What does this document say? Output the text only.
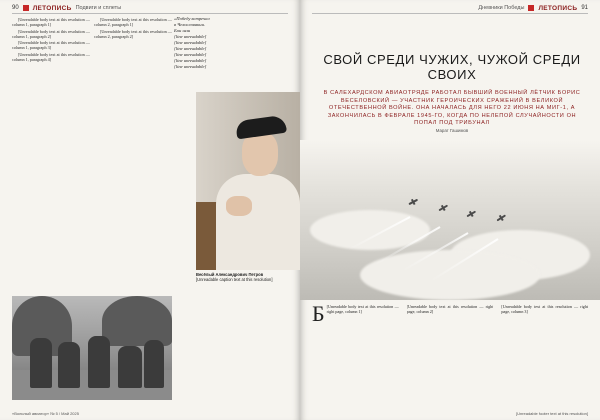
90 ЛЕТОПИСЬ Подвиги и сплеты

[Unreadable body text at this resolution — column 1, paragraph 1]

[Unreadable body text at this resolution — column 1, paragraph 2]

[Unreadable body text at this resolution — column 1, paragraph 3]

[Unreadable body text at this resolution — column 1, paragraph 4]

[Unreadable body text at this resolution — column 2, paragraph 1]

[Unreadable body text at this resolution — column 2, paragraph 2]

«Победу встречал
в Чехословакии.
Бои шли
[line unreadable]
[line unreadable]
[line unreadable]
[line unreadable]
[line unreadable]
[line unreadable]
Весёлый Александрович Петров
[Unreadable caption text at this resolution]
«Вольный авиатор» № 5 / Май 2025
Дневники Победы ЛЕТОПИСЬ 91
СВОЙ СРЕДИ ЧУЖИХ, ЧУЖОЙ СРЕДИ СВОИХ
В САЛЕХАРДСКОМ АВИАОТРЯДЕ РАБОТАЛ БЫВШИЙ ВОЕННЫЙ ЛЁТЧИК БОРИС ВЕСЕЛОВСКИЙ — УЧАСТНИК ГЕРОИЧЕСКИХ СРАЖЕНИЙ В ВЕЛИКОЙ ОТЕЧЕСТВЕННОЙ ВОЙНЕ. ОНА НАЧАЛАСЬ ДЛЯ НЕГО 22 ИЮНЯ НА МИГ-1, А ЗАКОНЧИЛАСЬ В ФЕВРАЛЕ 1945-ГО, КОГДА ПО НЕЛЕПОЙ СЛУЧАЙНОСТИ ОН ПОПАЛ ПОД ТРИБУНАЛ
Марат Гашимов
Б [Unreadable body text at this resolution — right page, column 1]
[Unreadable body text at this resolution — right page, column 2]
[Unreadable body text at this resolution — right page, column 3]
[Unreadable footer text at this resolution]
